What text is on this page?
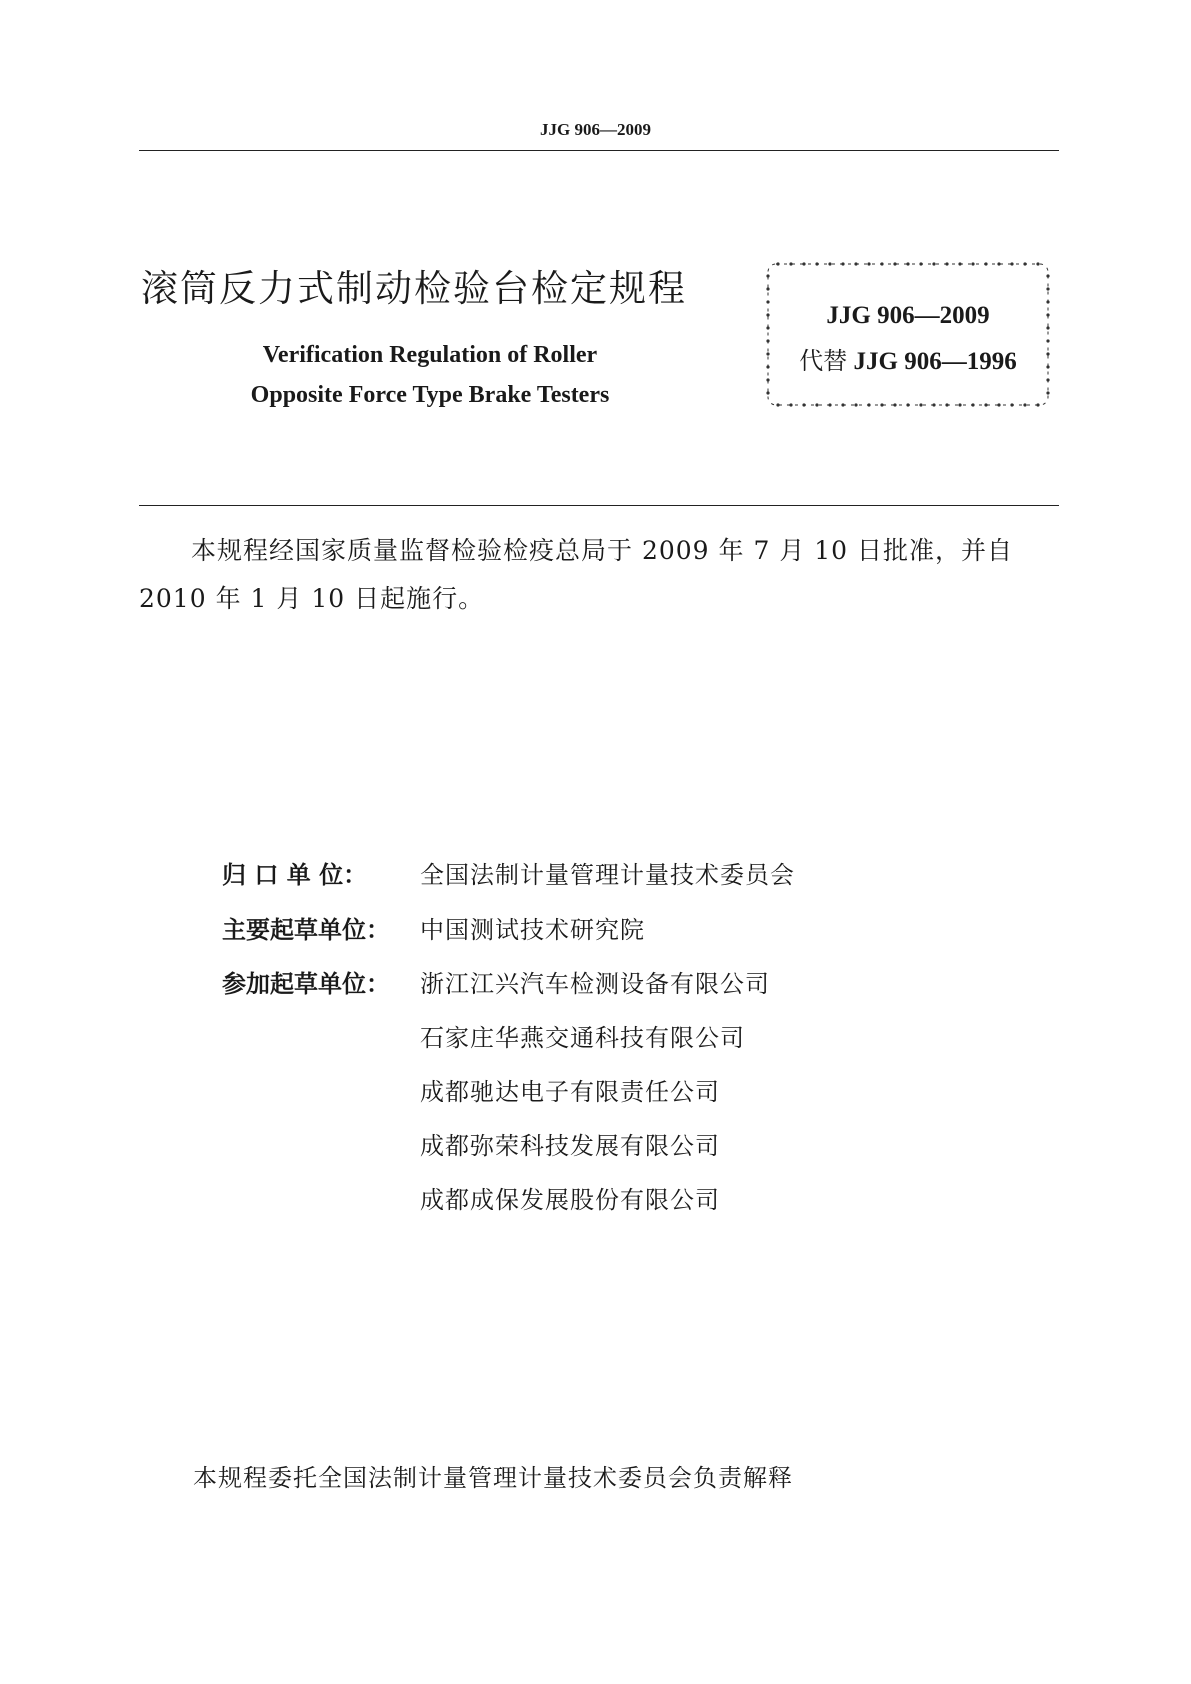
JJG 906—2009
滚筒反力式制动检验台检定规程
Verification Regulation of Roller
Opposite Force Type Brake Testers
JJG 906—2009
代替 JJG 906—1996
本规程经国家质量监督检验检疫总局于 2009 年 7 月 10 日批准，并自
2010 年 1 月 10 日起施行。
归 口 单 位：	全国法制计量管理计量技术委员会
主要起草单位：	中国测试技术研究院
参加起草单位：	浙江江兴汽车检测设备有限公司
石家庄华燕交通科技有限公司
成都驰达电子有限责任公司
成都弥荣科技发展有限公司
成都成保发展股份有限公司
本规程委托全国法制计量管理计量技术委员会负责解释
